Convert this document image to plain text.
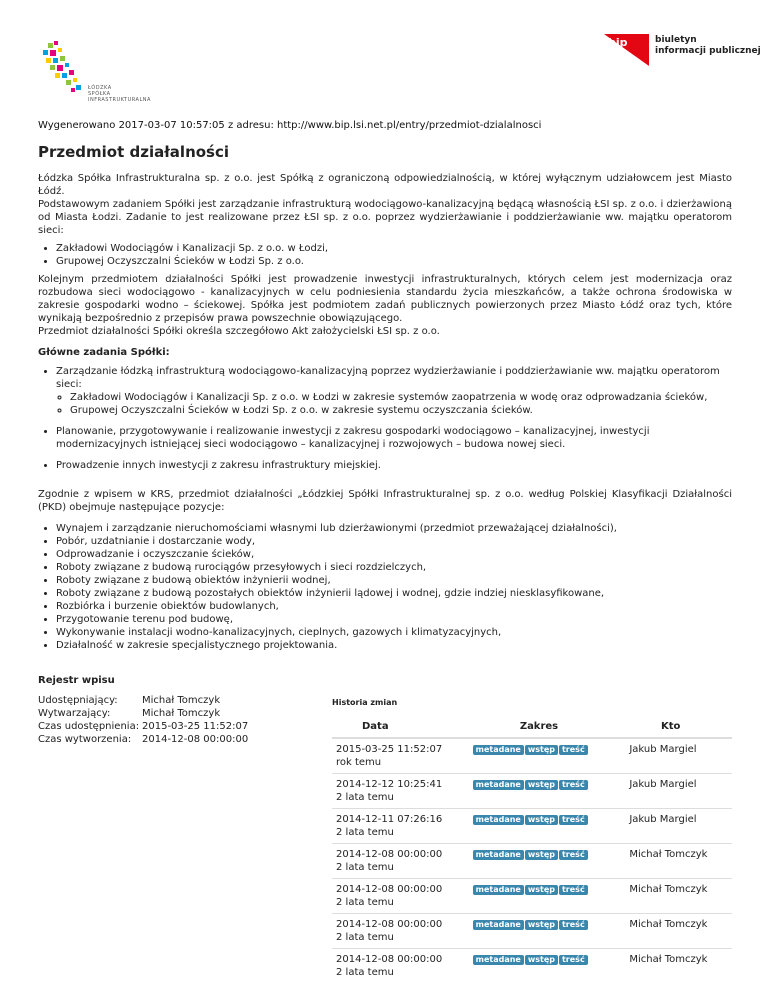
ŁÓDZKA
SPÓŁKA
INFRASTRUKTURALNA
bip	biuletyn
informacji publicznej
Wygenerowano 2017-03-07 10:57:05 z adresu: http://www.bip.lsi.net.pl/entry/przedmiot-dzialalnosci
Przedmiot działalności

Łódzka Spółka Infrastrukturalna sp. z o.o. jest Spółką z ograniczoną odpowiedzialnością, w której wyłącznym udziałowcem jest Miasto Łódź.

Podstawowym zadaniem Spółki jest zarządzanie infrastrukturą wodociągowo-kanalizacyjną będącą własnością ŁSI sp. z o.o. i dzierżawioną od Miasta Łodzi. Zadanie to jest realizowane przez ŁSI sp. z o.o. poprzez wydzierżawianie i poddzierżawianie ww. majątku operatorom sieci:

• Zakładowi Wodociągów i Kanalizacji Sp. z o.o. w Łodzi,
• Grupowej Oczyszczalni Ścieków w Łodzi Sp. z o.o.

Kolejnym przedmiotem działalności Spółki jest prowadzenie inwestycji infrastrukturalnych, których celem jest modernizacja oraz rozbudowa sieci wodociągowo - kanalizacyjnych w celu podniesienia standardu życia mieszkańców, a także ochrona środowiska w zakresie gospodarki wodno – ściekowej. Spółka jest podmiotem zadań publicznych powierzonych przez Miasto Łódź oraz tych, które wynikają bezpośrednio z przepisów prawa powszechnie obowiązującego.

Przedmiot działalności Spółki określa szczegółowo Akt założycielski ŁSI sp. z o.o.

Główne zadania Spółki:
• Zarządzanie łódzką infrastrukturą wodociągowo-kanalizacyjną poprzez wydzierżawianie i poddzierżawianie ww. majątku operatorom sieci:
◦ Zakładowi Wodociągów i Kanalizacji Sp. z o.o. w Łodzi w zakresie systemów zaopatrzenia w wodę oraz odprowadzania ścieków,
◦ Grupowej Oczyszczalni Ścieków w Łodzi Sp. z o.o. w zakresie systemu oczyszczania ścieków.
• Planowanie, przygotowywanie i realizowanie inwestycji z zakresu gospodarki wodociągowo – kanalizacyjnej, inwestycji modernizacyjnych istniejącej sieci wodociągowo – kanalizacyjnej i rozwojowych – budowa nowej sieci.
• Prowadzenie innych inwestycji z zakresu infrastruktury miejskiej.

Zgodnie z wpisem w KRS, przedmiot działalności „Łódzkiej Spółki Infrastrukturalnej sp. z o.o. według Polskiej Klasyfikacji Działalności (PKD) obejmuje następujące pozycje:

• Wynajem i zarządzanie nieruchomościami własnymi lub dzierżawionymi (przedmiot przeważającej działalności),
• Pobór, uzdatnianie i dostarczanie wody,
• Odprowadzanie i oczyszczanie ścieków,
• Roboty związane z budową rurociągów przesyłowych i sieci rozdzielczych,
• Roboty związane z budową obiektów inżynierii wodnej,
• Roboty związane z budową pozostałych obiektów inżynierii lądowej i wodnej, gdzie indziej niesklasyfikowane,
• Rozbiórka i burzenie obiektów budowlanych,
• Przygotowanie terenu pod budowę,
• Wykonywanie instalacji wodno-kanalizacyjnych, cieplnych, gazowych i klimatyzacyjnych,
• Działalność w zakresie specjalistycznego projektowania.
Rejestr wpisu
Udostępniający:	Michał Tomczyk
Wytwarzający:	Michał Tomczyk
Czas udostępnienia: 2015-03-25 11:52:07
Czas wytworzenia:	2014-12-08 00:00:00
Historia zmian
Data	Zakres	Kto

2015-03-25 11:52:07
rok temu	metadane wstęp treść	Jakub Margiel

2014-12-12 10:25:41
2 lata temu	metadane wstęp treść	Jakub Margiel

2014-12-11 07:26:16
2 lata temu	metadane wstęp treść	Jakub Margiel

2014-12-08 00:00:00
2 lata temu	metadane wstęp treść	Michał Tomczyk

2014-12-08 00:00:00
2 lata temu	metadane wstęp treść	Michał Tomczyk

2014-12-08 00:00:00
2 lata temu	metadane wstęp treść	Michał Tomczyk

2014-12-08 00:00:00
2 lata temu	metadane wstęp treść	Michał Tomczyk
